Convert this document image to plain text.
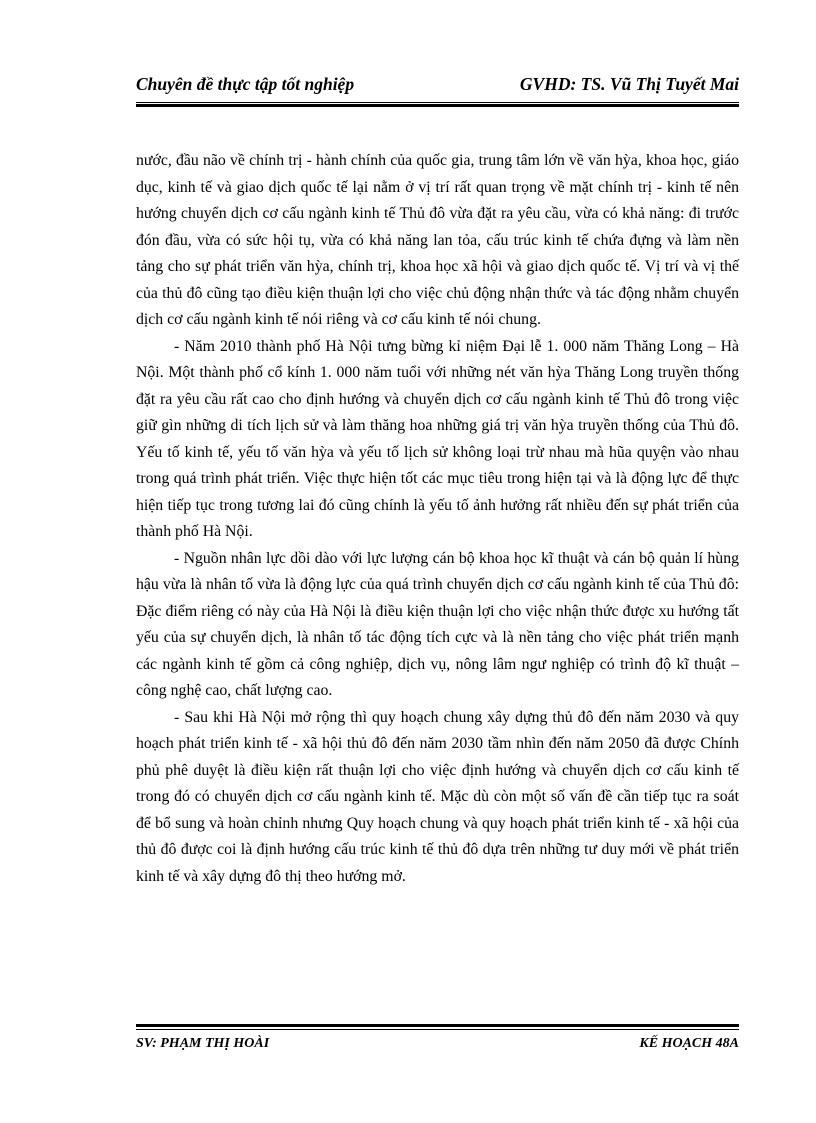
Chuyên đề thực tập tốt nghiệp	GVHD: TS. Vũ Thị Tuyết Mai

nước, đầu não về chính trị - hành chính của quốc gia, trung tâm lớn về văn hỳa, khoa học, giáo dục, kinh tế và giao dịch quốc tế lại nằm ở vị trí rất quan trọng về mặt chính trị - kinh tế nên hướng chuyển dịch cơ cấu ngành kinh tế Thủ đô vừa đặt ra yêu cầu, vừa có khả năng: đi trước đón đầu, vừa có sức hội tụ, vừa có khả năng lan tỏa, cấu trúc kinh tế chứa đựng và làm nền tảng cho sự phát triển văn hỳa, chính trị, khoa học xã hội và giao dịch quốc tế. Vị trí và vị thế của thủ đô cũng tạo điều kiện thuận lợi cho việc chủ động nhận thức và tác động nhằm chuyển dịch cơ cấu ngành kinh tế nói riêng và cơ cấu kinh tế nói chung.

- Năm 2010 thành phố Hà Nội tưng bừng kỉ niệm Đại lễ 1. 000 năm Thăng Long – Hà Nội. Một thành phố cổ kính 1. 000 năm tuổi với những nét văn hỳa Thăng Long truyền thống đặt ra yêu cầu rất cao cho định hướng và chuyển dịch cơ cấu ngành kinh tế Thủ đô trong việc giữ gìn những di tích lịch sử và làm thăng hoa những giá trị văn hỳa truyền thống của Thủ đô. Yếu tố kinh tế, yếu tố văn hỳa và yếu tố lịch sử không loại trừ nhau mà hũa quyện vào nhau trong quá trình phát triển. Việc thực hiện tốt các mục tiêu trong hiện tại và là động lực để thực hiện tiếp tục trong tương lai đó cũng chính là yếu tố ảnh hưởng rất nhiều đến sự phát triển của thành phố Hà Nội.

- Nguồn nhân lực dồi dào với lực lượng cán bộ khoa học kĩ thuật và cán bộ quản lí hùng hậu vừa là nhân tố vừa là động lực của quá trình chuyển dịch cơ cấu ngành kinh tế của Thủ đô: Đặc điểm riêng có này của Hà Nội là điều kiện thuận lợi cho việc nhận thức được xu hướng tất yếu của sự chuyển dịch, là nhân tố tác động tích cực và là nền tảng cho việc phát triển mạnh các ngành kinh tế gồm cả công nghiệp, dịch vụ, nông lâm ngư nghiệp có trình độ kĩ thuật – công nghệ cao, chất lượng cao.

- Sau khi Hà Nội mở rộng thì quy hoạch chung xây dựng thủ đô đến năm 2030 và quy hoạch phát triển kinh tế - xã hội thủ đô đến năm 2030 tầm nhìn đến năm 2050 đã được Chính phủ phê duyệt là điều kiện rất thuận lợi cho việc định hướng và chuyển dịch cơ cấu kinh tế trong đó có chuyển dịch cơ cấu ngành kinh tế. Mặc dù còn một số vấn đề cần tiếp tục ra soát để bổ sung và hoàn chỉnh nhưng Quy hoạch chung và quy hoạch phát triển kinh tế - xã hội của thủ đô được coi là định hướng cấu trúc kinh tế thủ đô dựa trên những tư duy mới về phát triển kinh tế và xây dựng đô thị theo hướng mở.

SV: PHẠM THỊ HOÀI	KẾ HOẠCH 48A
